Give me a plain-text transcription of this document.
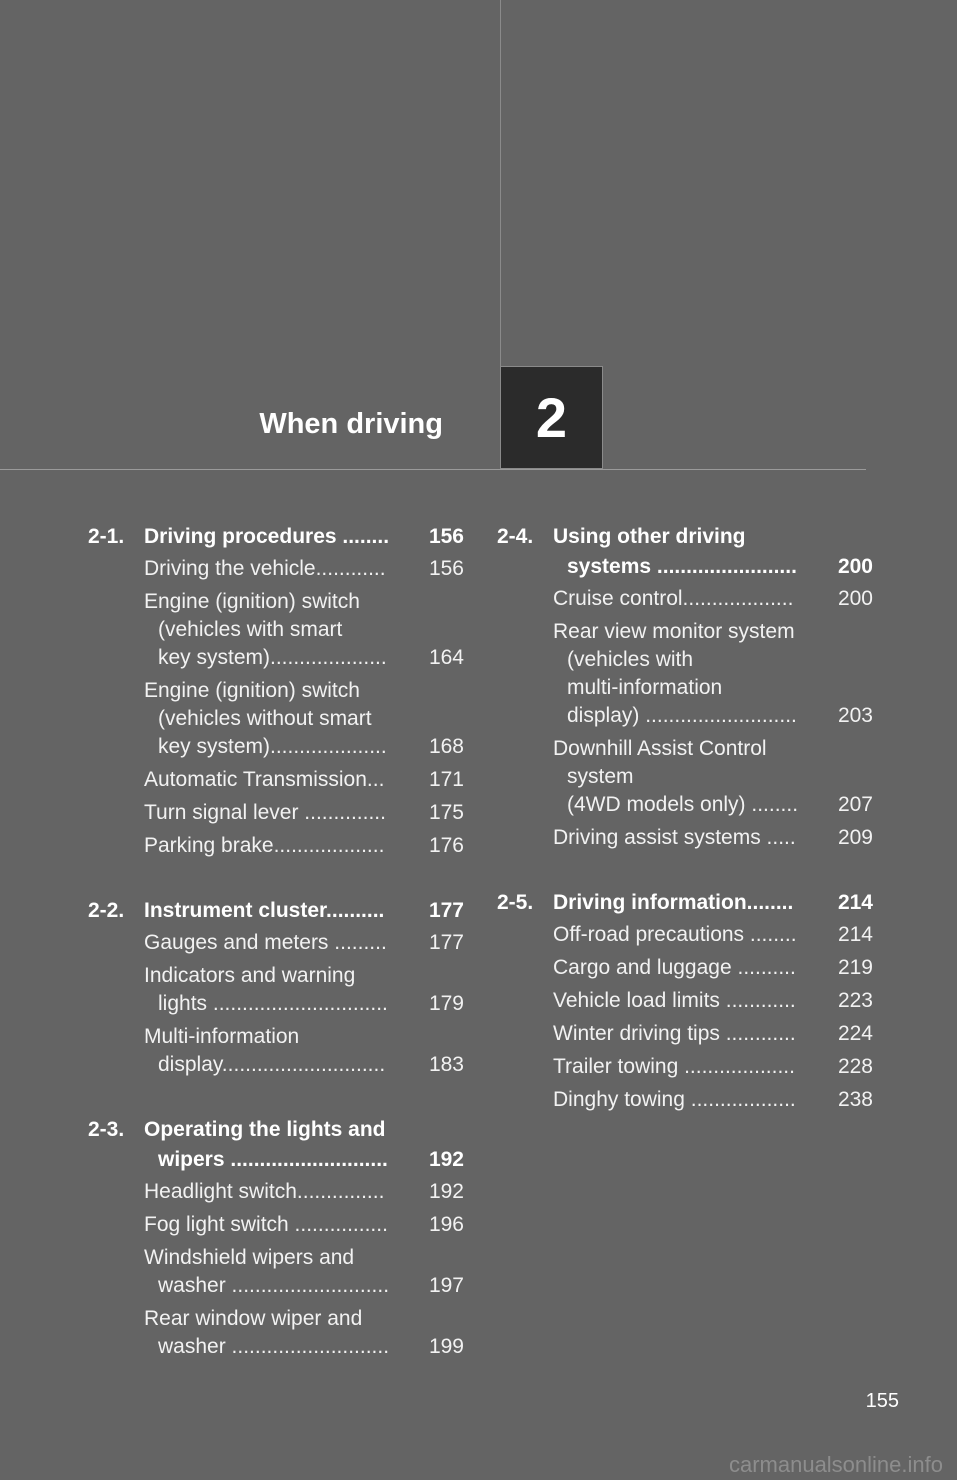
When driving	2
2-1. Driving procedures ........	156
Driving the vehicle............	156
Engine (ignition) switch
(vehicles with smart
key system)....................	164
Engine (ignition) switch
(vehicles without smart
key system)....................	168
Automatic Transmission...	171
Turn signal lever ..............	175
Parking brake...................	176
2-2. Instrument cluster..........	177
Gauges and meters .........	177
Indicators and warning
lights ..............................	179
Multi-information
display............................	183
2-3. Operating the lights and
wipers ...........................	192
Headlight switch...............	192
Fog light switch ................	196
Windshield wipers and
washer ...........................	197
Rear window wiper and
washer ...........................	199
2-4. Using other driving
systems ........................	200
Cruise control...................	200
Rear view monitor system
(vehicles with
multi-information
display) ..........................	203
Downhill Assist Control
system
(4WD models only) ........	207
Driving assist systems .....	209
2-5. Driving information........	214
Off-road precautions ........	214
Cargo and luggage ..........	219
Vehicle load limits ............	223
Winter driving tips ............	224
Trailer towing ...................	228
Dinghy towing ..................	238
155
carmanualsonline.info
